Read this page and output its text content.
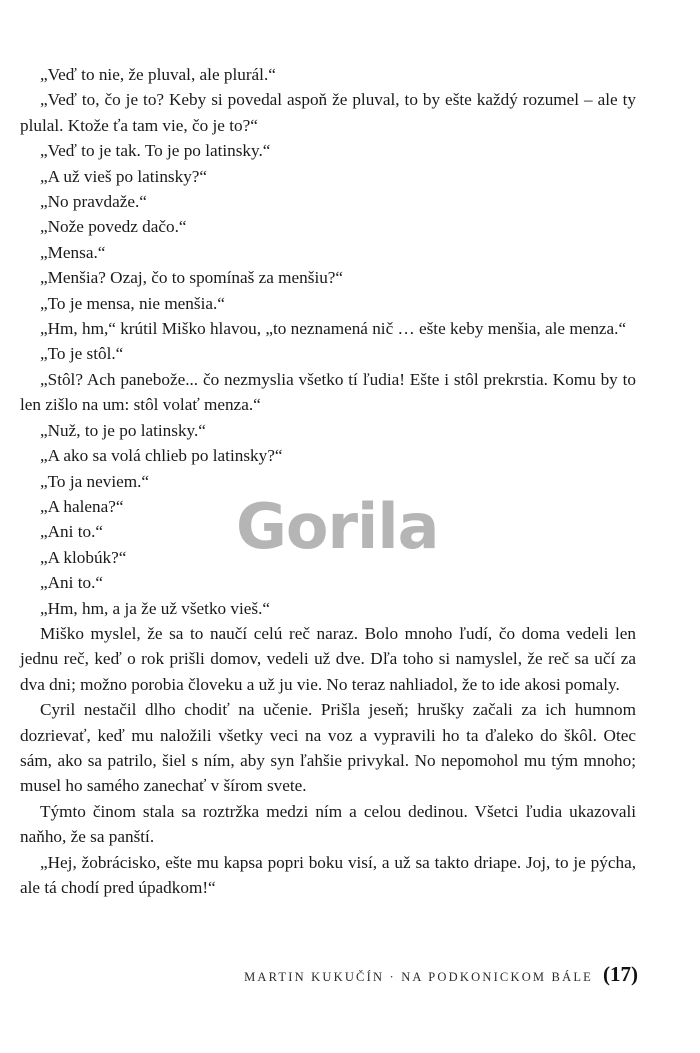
„Veď to nie, že pluval, ale plurál.“

„Veď to, čo je to? Keby si povedal aspoň že pluval, to by ešte každý rozumel – ale ty plulal. Ktože ťa tam vie, čo je to?“

„Veď to je tak. To je po latinsky.“

„A už vieš po latinsky?“

„No pravdaže.“

„Nože povedz dačo.“

„Mensa.“

„Menšia? Ozaj, čo to spomínaš za menšiu?“

„To je mensa, nie menšia.“

„Hm, hm,“ krútil Miško hlavou, „to neznamená nič … ešte keby menšia, ale menza.“

„To je stôl.“

„Stôl? Ach panebože... čo nezmyslia všetko tí ľudia! Ešte i stôl prekrstia. Komu by to len zišlo na um: stôl volať menza.“

„Nuž, to je po latinsky.“

„A ako sa volá chlieb po latinsky?“

„To ja neviem.“

„A halena?“

„Ani to.“

„A klobúk?“

„Ani to.“

„Hm, hm, a ja že už všetko vieš.“

Miško myslel, že sa to naučí celú reč naraz. Bolo mnoho ľudí, čo doma vedeli len jednu reč, keď o rok prišli domov, vedeli už dve. Dľa toho si namyslel, že reč sa učí za dva dni; možno porobia človeku a už ju vie. No teraz nahliadol, že to ide akosi pomaly.

Cyril nestačil dlho chodiť na učenie. Prišla jeseň; hrušky začali za ich humnom dozrievať, keď mu naložili všetky veci na voz a vypravili ho ta ďaleko do škôl. Otec sám, ako sa patrilo, šiel s ním, aby syn ľahšie privykal. No nepomohol mu tým mnoho; musel ho samého zanechať v šírom svete.

Týmto činom stala sa roztržka medzi ním a celou dedinou. Všetci ľudia ukazovali naňho, že sa panští.

„Hej, žobrácisko, ešte mu kapsa popri boku visí, a už sa takto driape. Joj, to je pýcha, ale tá chodí pred úpadkom!“

Gorila
MARTIN KUKUČÍN · NA PODKONICKOM BÁLE (17)
